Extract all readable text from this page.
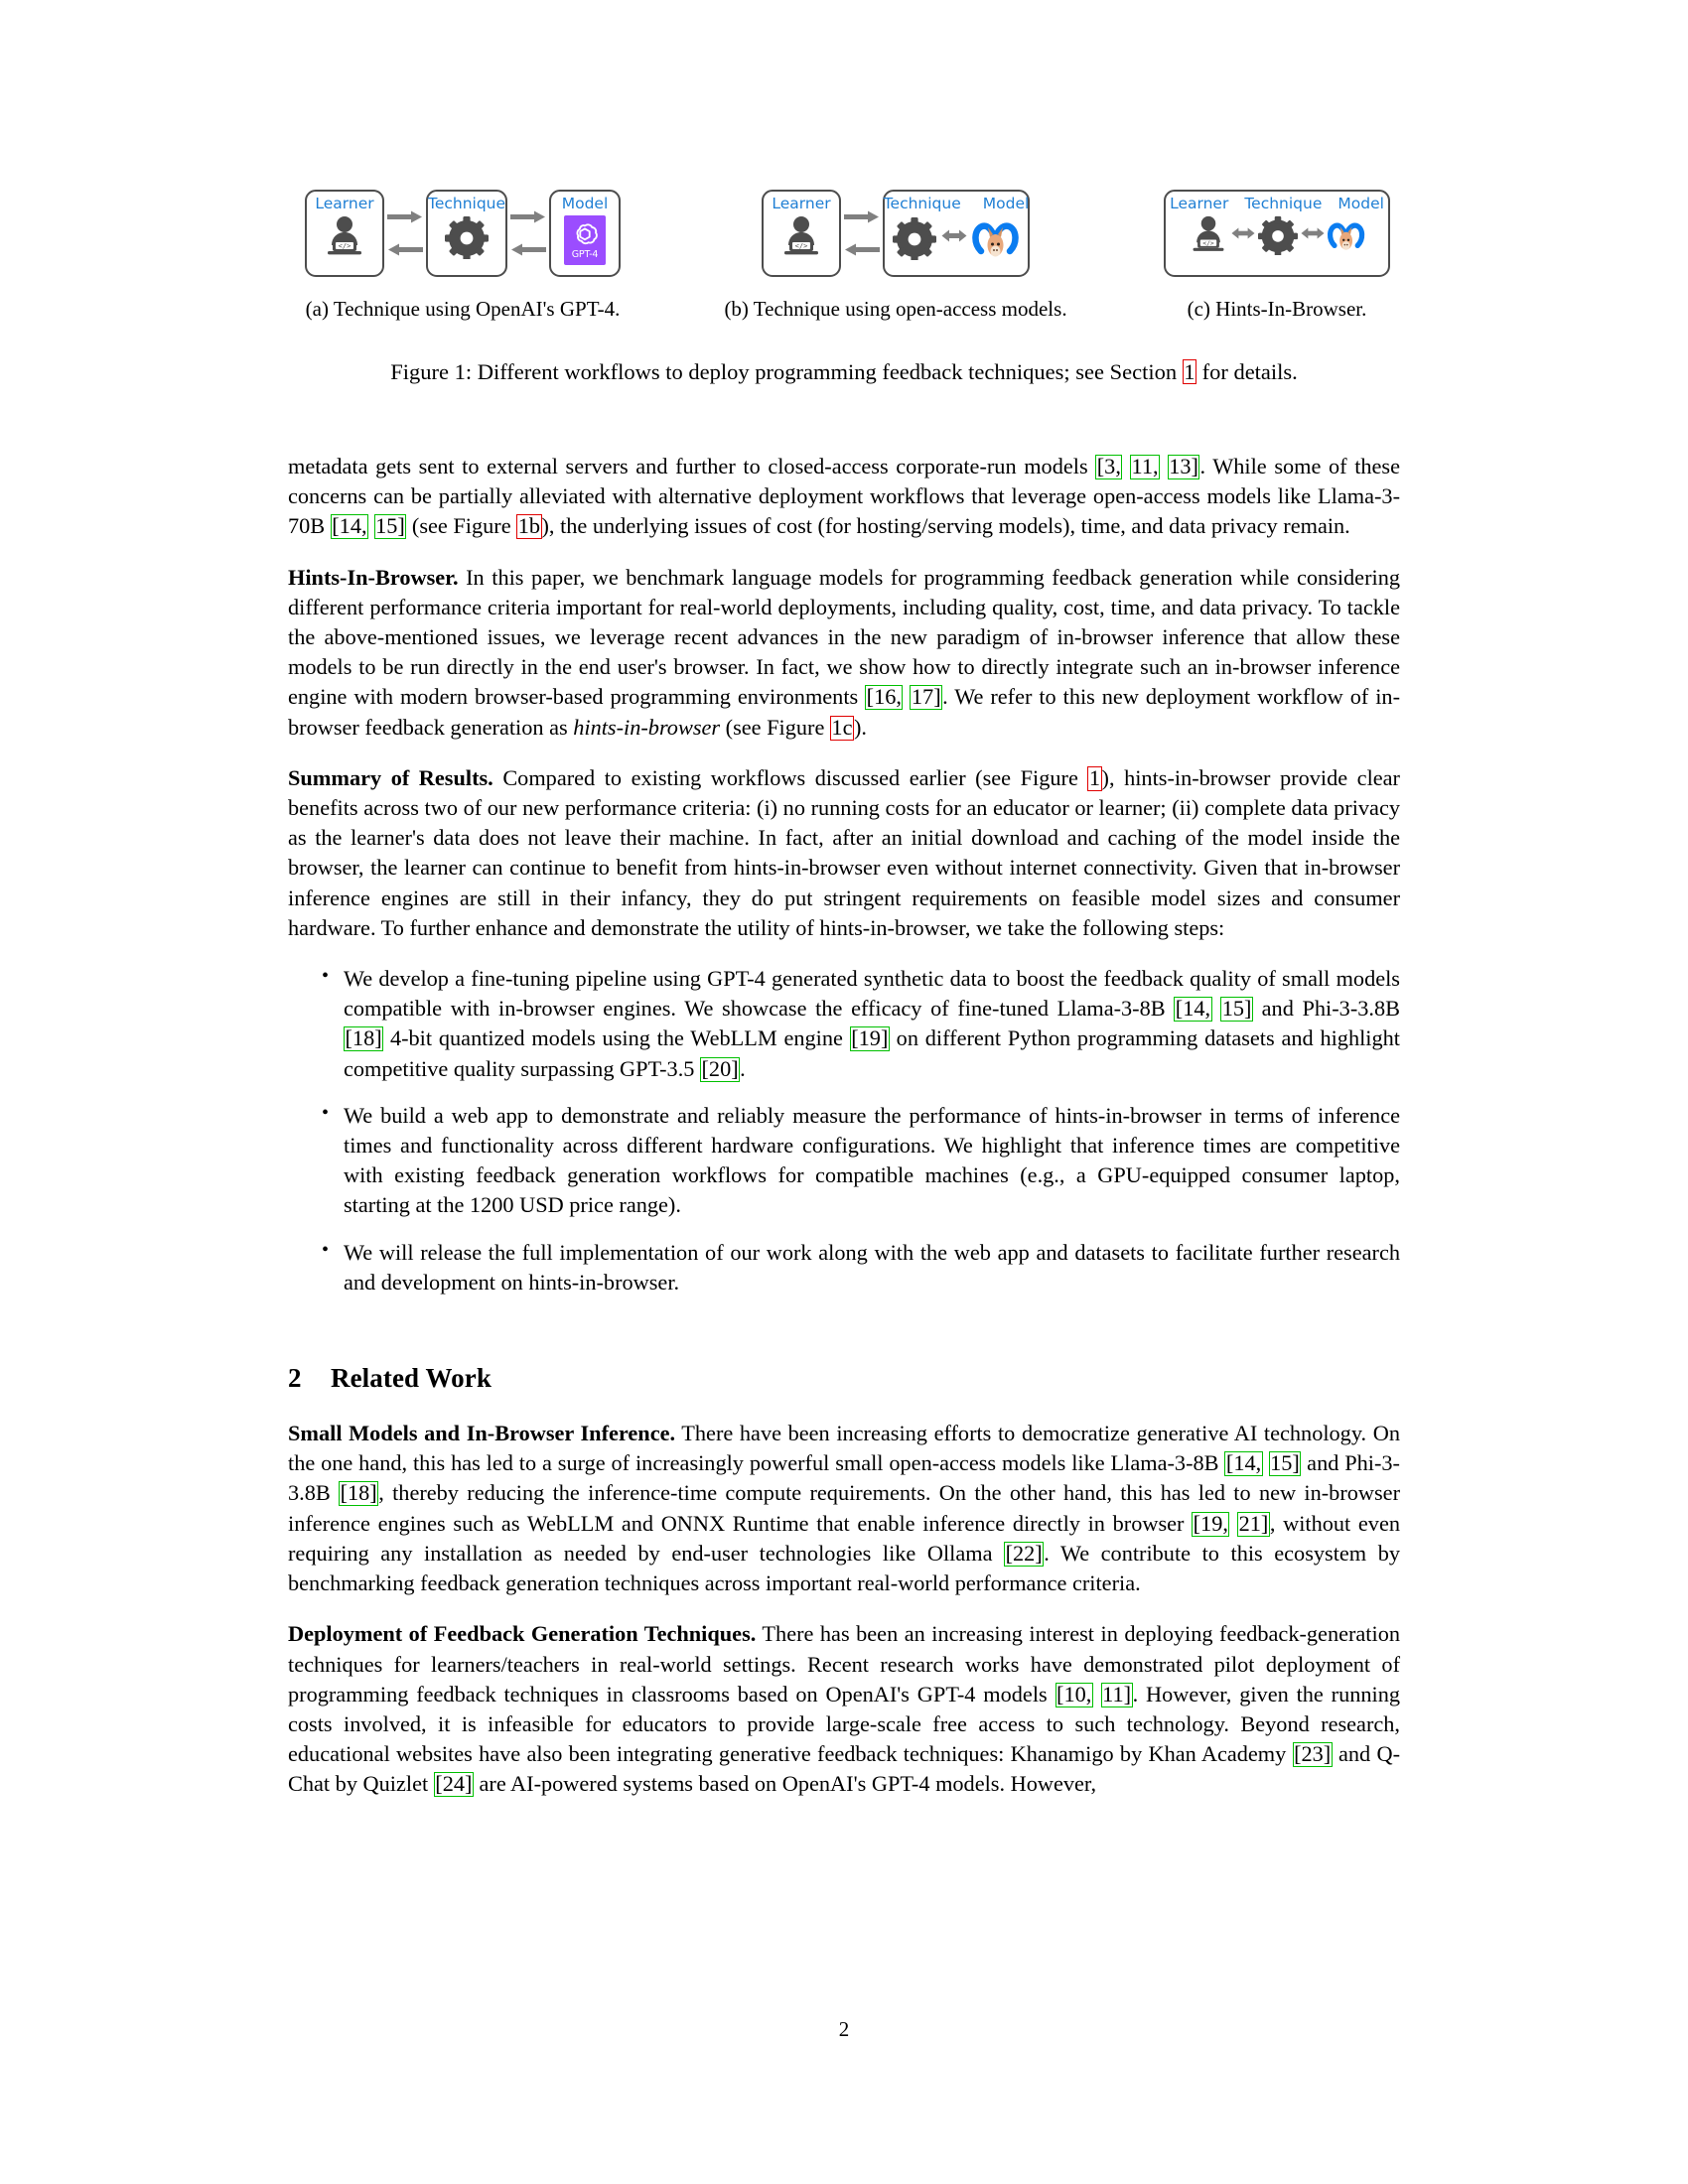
Learner
</>
Technique	Model
GPT-4
(a) Technique using OpenAI's GPT-4.
Learner
</>
Technique Model
(b) Technique using open-access models.
Learner Technique Model
</>
(c) Hints-In-Browser.
Figure 1: Different workflows to deploy programming feedback techniques; see Section 1 for details.

metadata gets sent to external servers and further to closed-access corporate-run models [3, 11, 13]. While some of these concerns can be partially alleviated with alternative deployment workflows that leverage open-access models like Llama-3-70B [14, 15] (see Figure 1b), the underlying issues of cost (for hosting/serving models), time, and data privacy remain.

Hints-In-Browser. In this paper, we benchmark language models for programming feedback generation while considering different performance criteria important for real-world deployments, including quality, cost, time, and data privacy. To tackle the above-mentioned issues, we leverage recent advances in the new paradigm of in-browser inference that allow these models to be run directly in the end user's browser. In fact, we show how to directly integrate such an in-browser inference engine with modern browser-based programming environments [16, 17]. We refer to this new deployment workflow of in-browser feedback generation as hints-in-browser (see Figure 1c).

Summary of Results. Compared to existing workflows discussed earlier (see Figure 1), hints-in-browser provide clear benefits across two of our new performance criteria: (i) no running costs for an educator or learner; (ii) complete data privacy as the learner's data does not leave their machine. In fact, after an initial download and caching of the model inside the browser, the learner can continue to benefit from hints-in-browser even without internet connectivity. Given that in-browser inference engines are still in their infancy, they do put stringent requirements on feasible model sizes and consumer hardware. To further enhance and demonstrate the utility of hints-in-browser, we take the following steps:

• We develop a fine-tuning pipeline using GPT-4 generated synthetic data to boost the feedback quality of small models compatible with in-browser engines. We showcase the efficacy of fine-tuned Llama-3-8B [14, 15] and Phi-3-3.8B [18] 4-bit quantized models using the WebLLM engine [19] on different Python programming datasets and highlight competitive quality surpassing GPT-3.5 [20].
• We build a web app to demonstrate and reliably measure the performance of hints-in-browser in terms of inference times and functionality across different hardware configurations. We highlight that inference times are competitive with existing feedback generation workflows for compatible machines (e.g., a GPU-equipped consumer laptop, starting at the 1200 USD price range).
• We will release the full implementation of our work along with the web app and datasets to facilitate further research and development on hints-in-browser.
2 Related Work

Small Models and In-Browser Inference. There have been increasing efforts to democratize generative AI technology. On the one hand, this has led to a surge of increasingly powerful small open-access models like Llama-3-8B [14, 15] and Phi-3-3.8B [18], thereby reducing the inference-time compute requirements. On the other hand, this has led to new in-browser inference engines such as WebLLM and ONNX Runtime that enable inference directly in browser [19, 21], without even requiring any installation as needed by end-user technologies like Ollama [22]. We contribute to this ecosystem by benchmarking feedback generation techniques across important real-world performance criteria.

Deployment of Feedback Generation Techniques. There has been an increasing interest in deploying feedback-generation techniques for learners/teachers in real-world settings. Recent research works have demonstrated pilot deployment of programming feedback techniques in classrooms based on OpenAI's GPT-4 models [10, 11]. However, given the running costs involved, it is infeasible for educators to provide large-scale free access to such technology. Beyond research, educational websites have also been integrating generative feedback techniques: Khanamigo by Khan Academy [23] and Q-Chat by Quizlet [24] are AI-powered systems based on OpenAI's GPT-4 models. However,

2
